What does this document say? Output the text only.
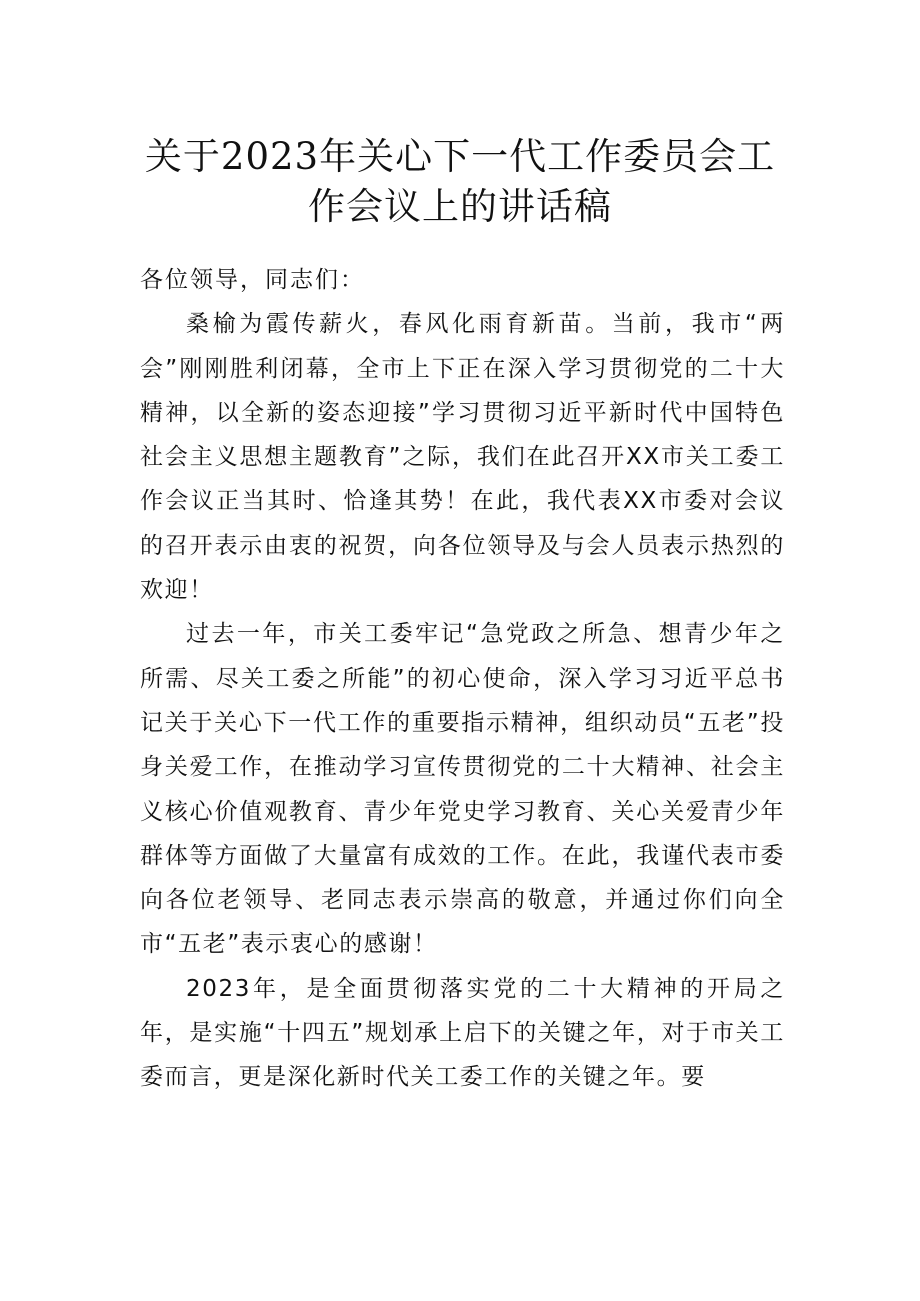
关于2023年关心下一代工作委员会工
作会议上的讲话稿

各位领导，同志们：

桑榆为霞传薪火，春风化雨育新苗。当前，我市“两会”刚刚胜利闭幕，全市上下正在深入学习贯彻党的二十大精神，以全新的姿态迎接”学习贯彻习近平新时代中国特色社会主义思想主题教育”之际，我们在此召开XX市关工委工作会议正当其时、恰逢其势！在此，我代表XX市委对会议的召开表示由衷的祝贺，向各位领导及与会人员表示热烈的欢迎！

过去一年，市关工委牢记“急党政之所急、想青少年之所需、尽关工委之所能”的初心使命，深入学习习近平总书记关于关心下一代工作的重要指示精神，组织动员“五老”投身关爱工作，在推动学习宣传贯彻党的二十大精神、社会主义核心价值观教育、青少年党史学习教育、关心关爱青少年群体等方面做了大量富有成效的工作。在此，我谨代表市委向各位老领导、老同志表示崇高的敬意，并通过你们向全市“五老”表示衷心的感谢！

2023年，是全面贯彻落实党的二十大精神的开局之年，是实施“十四五”规划承上启下的关键之年，对于市关工委而言，更是深化新时代关工委工作的关键之年。要
